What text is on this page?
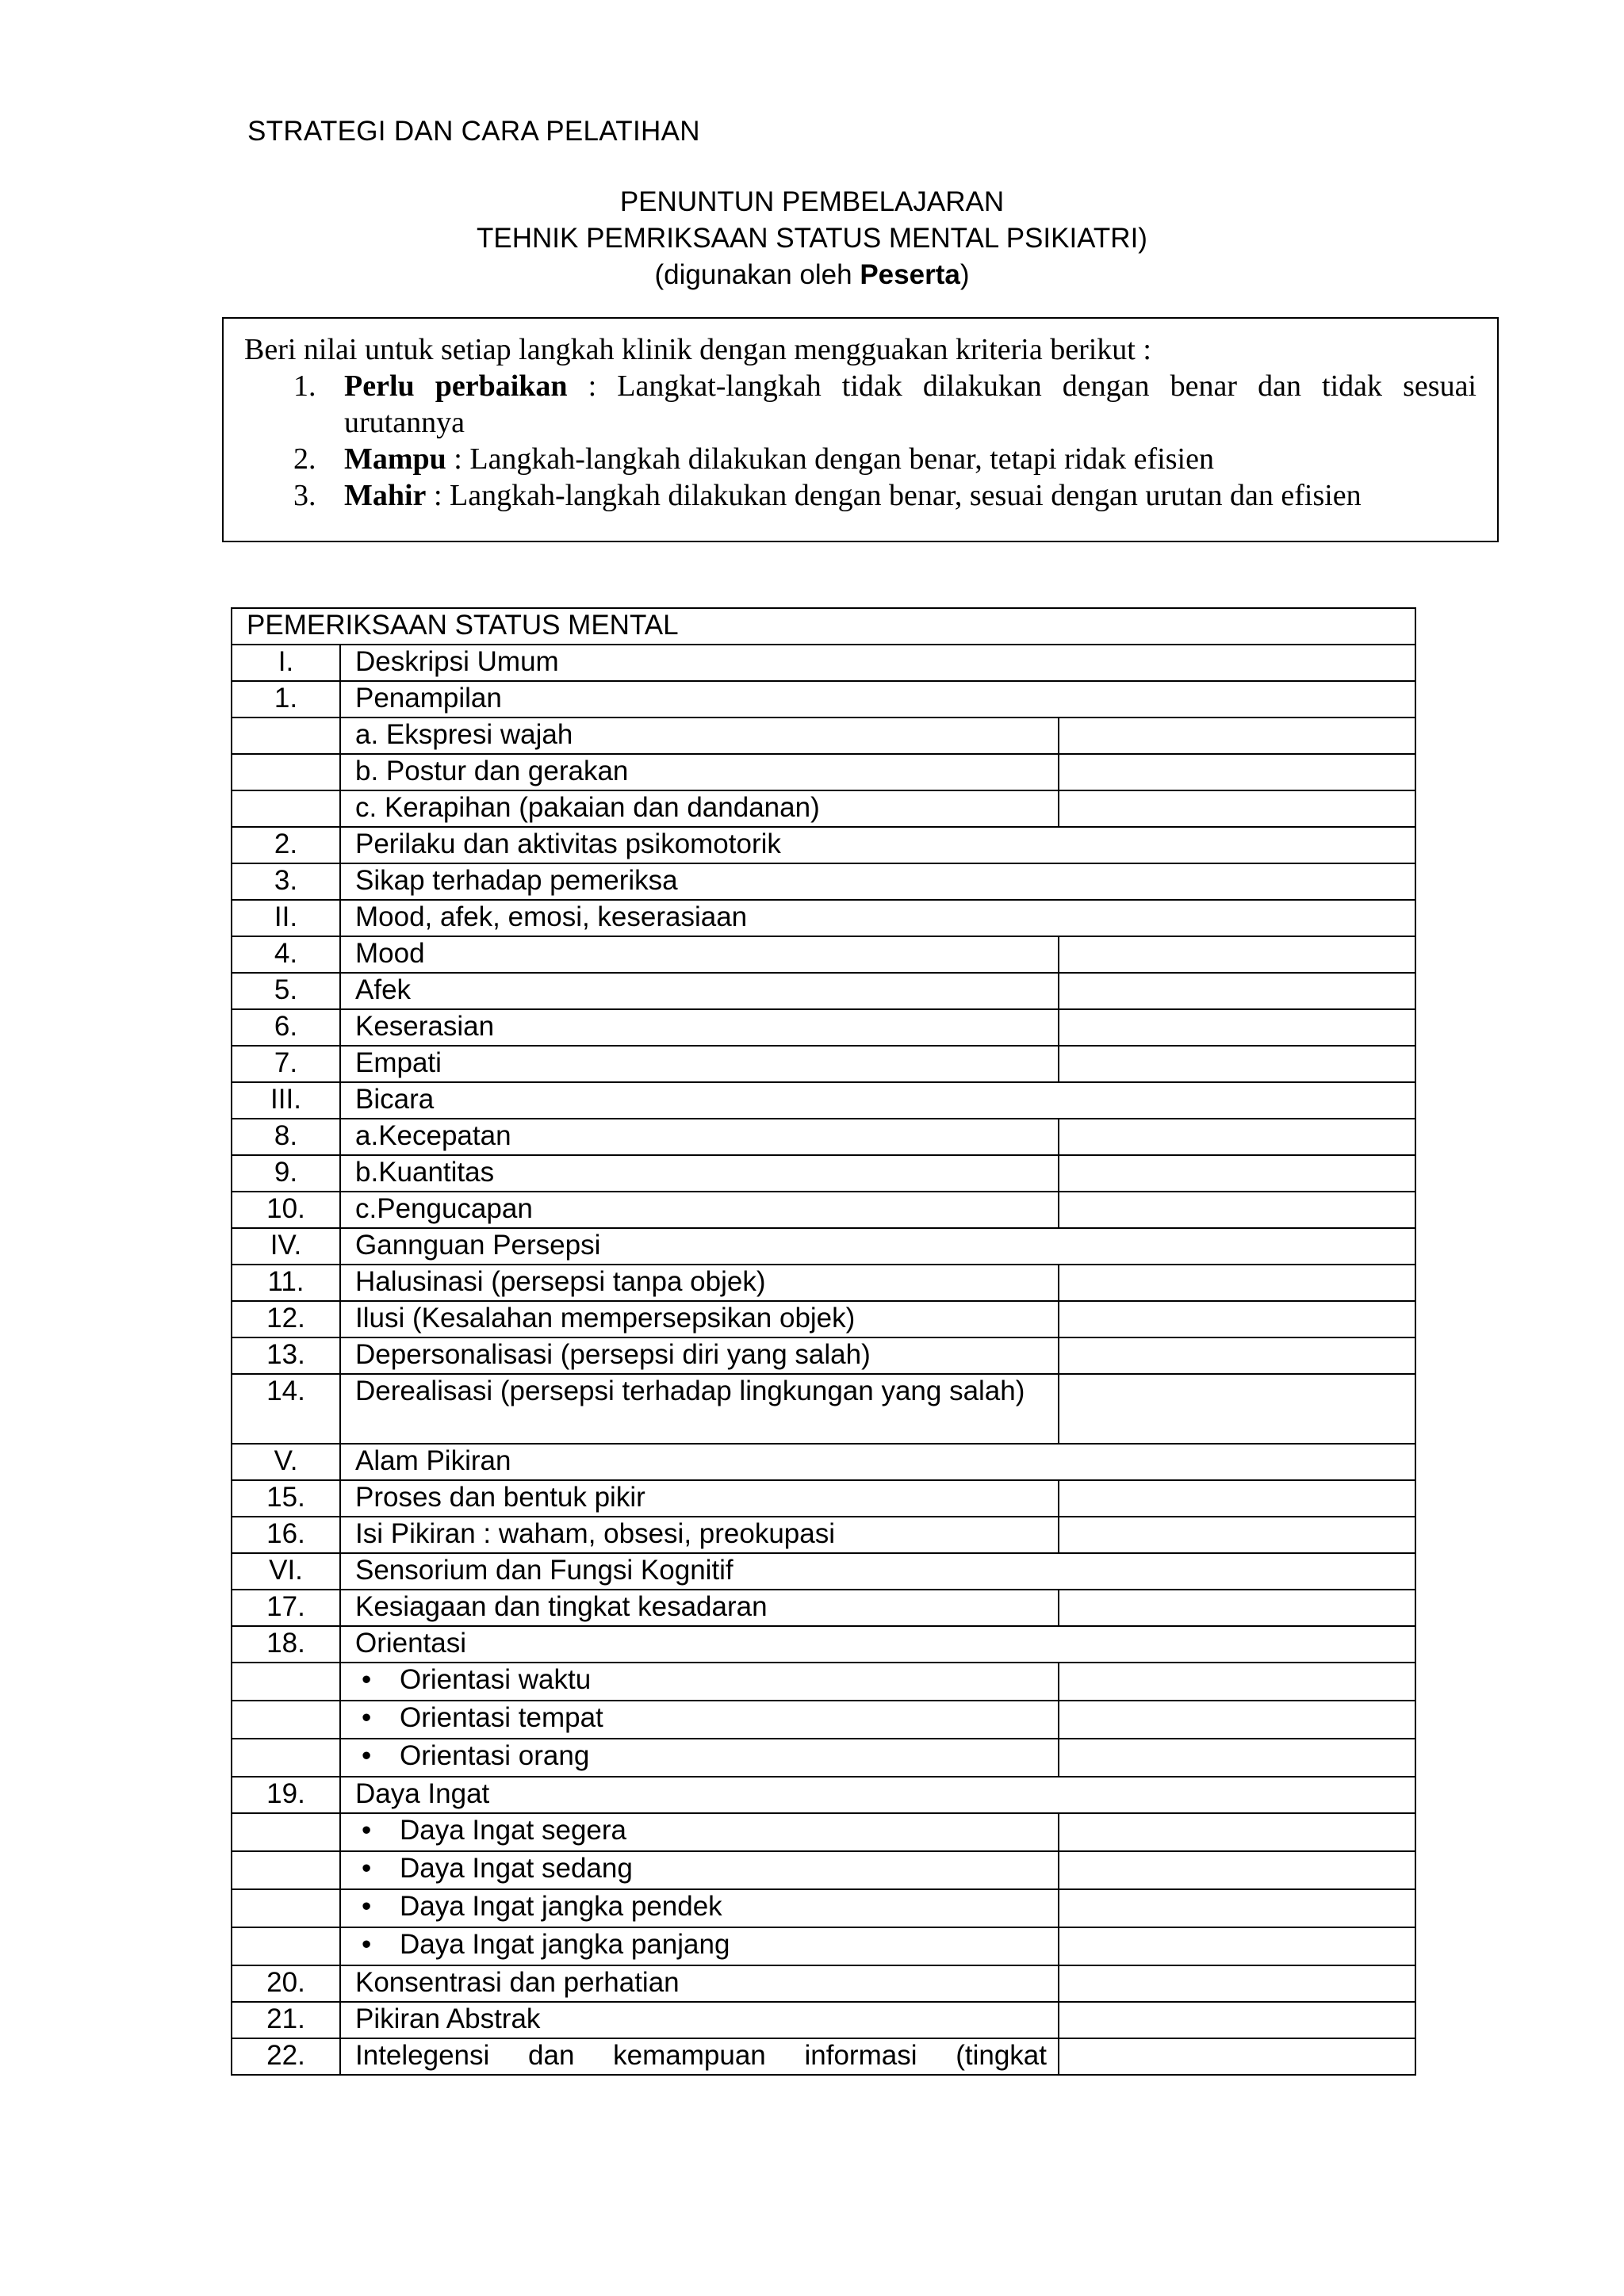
STRATEGI DAN CARA PELATIHAN
PENUNTUN PEMBELAJARAN
TEHNIK PEMRIKSAAN STATUS MENTAL PSIKIATRI)
(digunakan oleh Peserta)
Beri nilai untuk setiap langkah klinik dengan mengguakan kriteria berikut :
1. Perlu perbaikan : Langkat-langkah tidak dilakukan dengan benar dan tidak sesuai
urutannya
2. Mampu : Langkah-langkah dilakukan dengan benar, tetapi ridak efisien
3. Mahir : Langkah-langkah dilakukan dengan benar, sesuai dengan urutan dan efisien
PEMERIKSAAN STATUS MENTAL		
I.	Deskripsi Umum	
1.	Penampilan	
	a. Ekspresi wajah	
	b. Postur dan gerakan	
	c. Kerapihan (pakaian dan dandanan)	
2.	Perilaku dan aktivitas psikomotorik	
3.	Sikap terhadap pemeriksa	
II.	Mood, afek, emosi, keserasiaan	
4.	Mood	
5.	Afek	
6.	Keserasian	
7.	Empati	
III.	Bicara	
8.	a.Kecepatan	
9.	b.Kuantitas	
10.	c.Pengucapan	
IV.	Gannguan Persepsi	
11.	Halusinasi (persepsi tanpa objek)	
12.	Ilusi (Kesalahan mempersepsikan objek)	
13.	Depersonalisasi (persepsi diri yang salah)	
14.	Derealisasi (persepsi terhadap lingkungan yang salah)	
V.	Alam Pikiran	
15.	Proses dan bentuk pikir	
16.	Isi Pikiran : waham, obsesi, preokupasi	
VI.	Sensorium dan Fungsi Kognitif	
17.	Kesiagaan dan tingkat kesadaran	
18.	Orientasi	
	• Orientasi waktu	
	• Orientasi tempat	
	• Orientasi orang	
19.	Daya Ingat	
	• Daya Ingat segera	
	• Daya Ingat sedang	
	• Daya Ingat jangka pendek	
	• Daya Ingat jangka panjang	
20.	Konsentrasi dan perhatian	
21.	Pikiran Abstrak	
22.	Intelegensi dan kemampuan informasi (tingkat	
